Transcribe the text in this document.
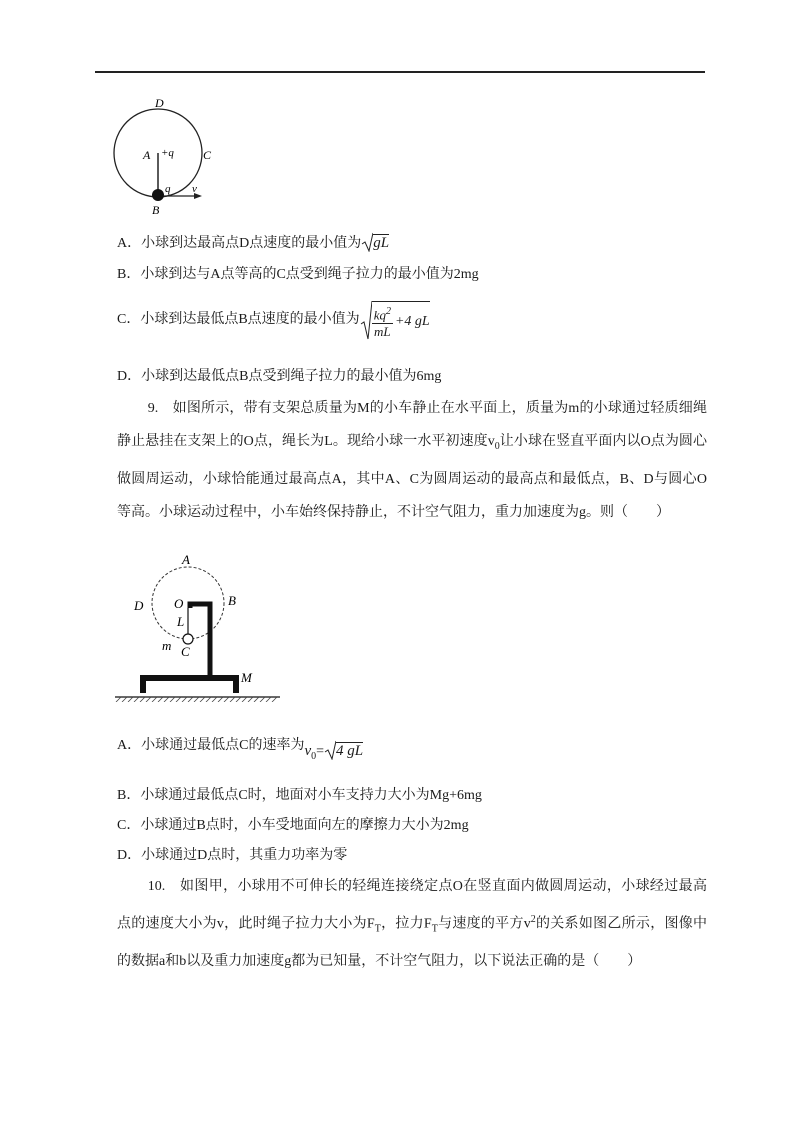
D
A +q C
q v
B
A．小球到达最高点D点速度的最小值为 gL
B．小球到达与A点等高的C点受到绳子拉力的最小值为2mg
C．小球到达最低点B点速度的最小值为 $\frac{kq^2}{mL} +4$ gL
D．小球到达最低点B点受到绳子拉力的最小值为6mg

9.　如图所示，带有支架总质量为M的小车静止在水平面上，质量为m的小球通过轻质细绳静止悬挂在支架上的O点，绳长为L。现给小球一水平初速度$v_0$让小球在竖直平面内以O点为圆心做圆周运动，小球恰能通过最高点A，其中A、C为圆周运动的最高点和最低点，B、D与圆心O等高。小球运动过程中，小车始终保持静止，不计空气阻力，重力加速度为g。则（　　）

A
D O	B
L
m C
M
A．小球通过最低点C的速率为$v_0= 4$ gL
B．小球通过最低点C时，地面对小车支持力大小为Mg+6mg
C．小球通过B点时，小车受地面向左的摩擦力大小为2mg
D．小球通过D点时，其重力功率为零

10.　如图甲，小球用不可伸长的轻绳连接绕定点O在竖直面内做圆周运动，小球经过最高点的速度大小为v，此时绳子拉力大小为$F_T$，拉力$F_T$与速度的平方$v^2$的关系如图乙所示，图像中的数据a和b以及重力加速度g都为已知量，不计空气阻力，以下说法正确的是（　　）
